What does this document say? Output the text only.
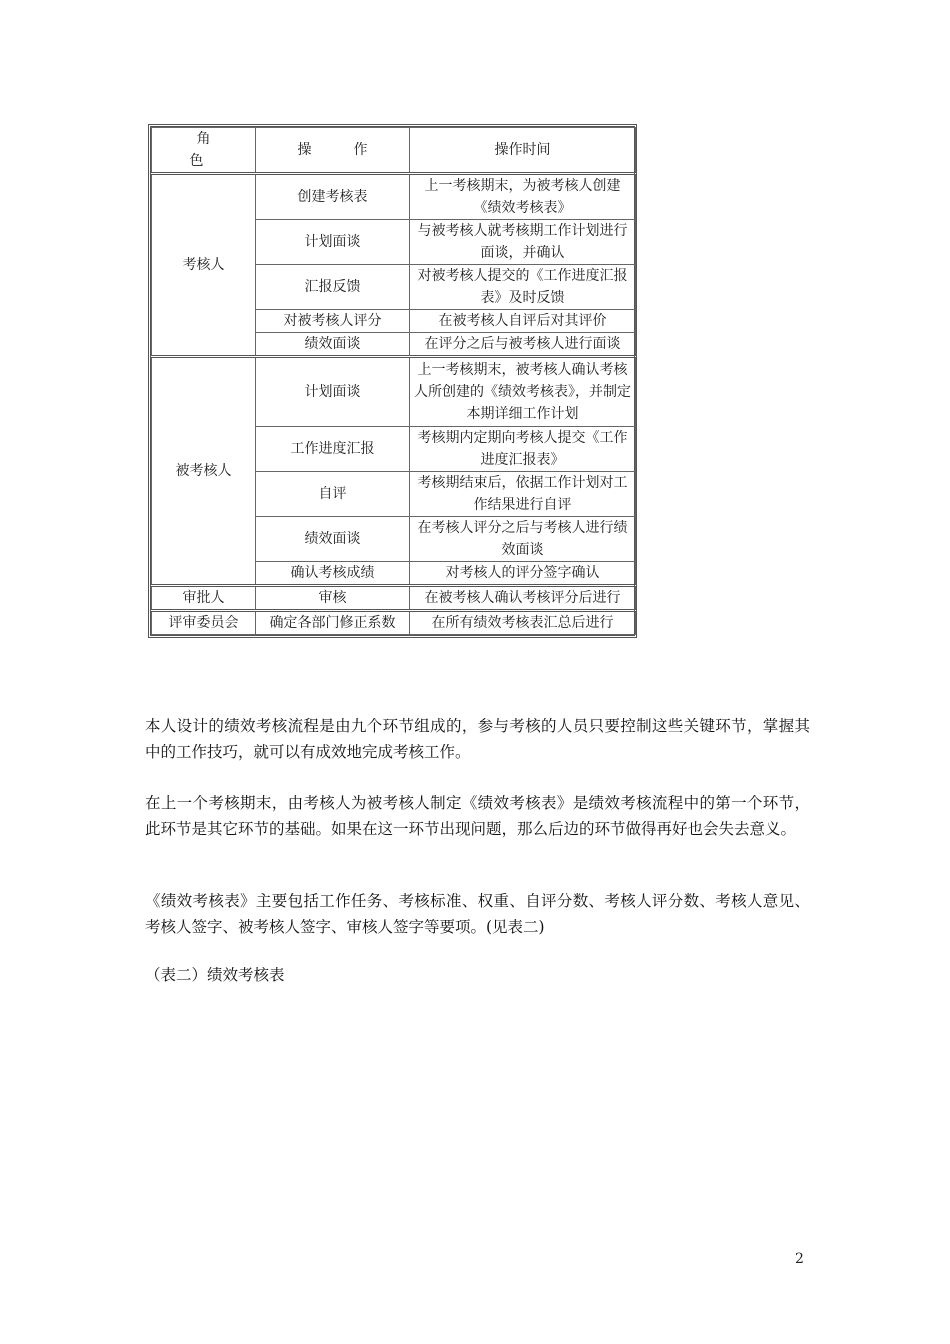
角　色	操　作	操作时间
考核人	创建考核表	上一考核期末，为被考核人创建《绩效考核表》
	计划面谈	与被考核人就考核期工作计划进行面谈，并确认
	汇报反馈	对被考核人提交的《工作进度汇报表》及时反馈
	对被考核人评分	在被考核人自评后对其评价
	绩效面谈	在评分之后与被考核人进行面谈
被考核人	计划面谈	上一考核期末，被考核人确认考核人所创建的《绩效考核表》，并制定本期详细工作计划
	工作进度汇报	考核期内定期向考核人提交《工作进度汇报表》
	自评	考核期结束后，依据工作计划对工作结果进行自评
	绩效面谈	在考核人评分之后与考核人进行绩效面谈
	确认考核成绩	对考核人的评分签字确认
审批人	审核	在被考核人确认考核评分后进行
评审委员会	确定各部门修正系数	在所有绩效考核表汇总后进行

本人设计的绩效考核流程是由九个环节组成的，参与考核的人员只要控制这些关键环节，掌握其中的工作技巧，就可以有成效地完成考核工作。

在上一个考核期末，由考核人为被考核人制定《绩效考核表》是绩效考核流程中的第一个环节，此环节是其它环节的基础。如果在这一环节出现问题，那么后边的环节做得再好也会失去意义。

《绩效考核表》主要包括工作任务、考核标准、权重、自评分数、考核人评分数、考核人意见、考核人签字、被考核人签字、审核人签字等要项。(见表二)

（表二）绩效考核表

2
